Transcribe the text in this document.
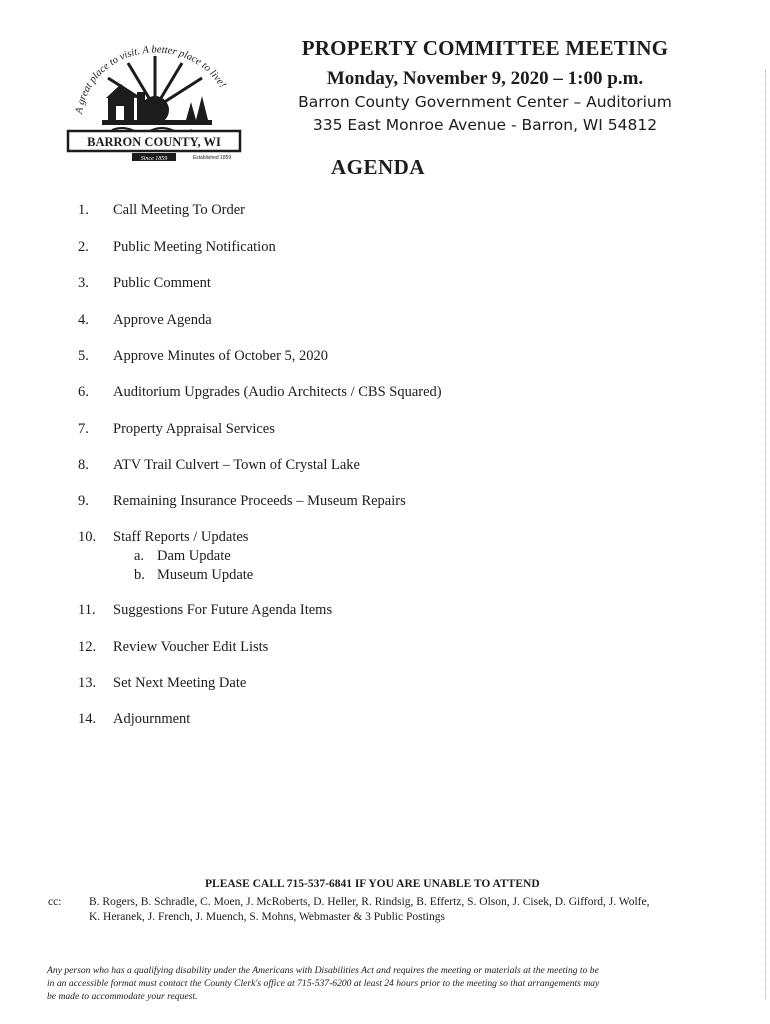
A great place to visit. A better place to live!
BARRON COUNTY, WI
Since 1859	Established 1859
PROPERTY COMMITTEE MEETING
Monday, November 9, 2020 – 1:00 p.m.
Barron County Government Center – Auditorium
335 East Monroe Avenue - Barron, WI 54812
AGENDA
1.	Call Meeting To Order
2.	Public Meeting Notification
3.	Public Comment
4.	Approve Agenda
5.	Approve Minutes of October 5, 2020
6.	Auditorium Upgrades (Audio Architects / CBS Squared)
7.	Property Appraisal Services
8.	ATV Trail Culvert – Town of Crystal Lake
9.	Remaining Insurance Proceeds – Museum Repairs
10.	Staff Reports / Updates
a. Dam Update
b. Museum Update
11.	Suggestions For Future Agenda Items
12.	Review Voucher Edit Lists
13.	Set Next Meeting Date
14.	Adjournment
PLEASE CALL 715-537-6841 IF YOU ARE UNABLE TO ATTEND
cc: B. Rogers, B. Schradle, C. Moen, J. McRoberts, D. Heller, R. Rindsig, B. Effertz, S. Olson, J. Cisek, D. Gifford, J. Wolfe,
K. Heranek, J. French, J. Muench, S. Mohns, Webmaster & 3 Public Postings
Any person who has a qualifying disability under the Americans with Disabilities Act and requires the meeting or materials at the meeting to be
in an accessible format must contact the County Clerk's office at 715-537-6200 at least 24 hours prior to the meeting so that arrangements may
be made to accommodate your request.
